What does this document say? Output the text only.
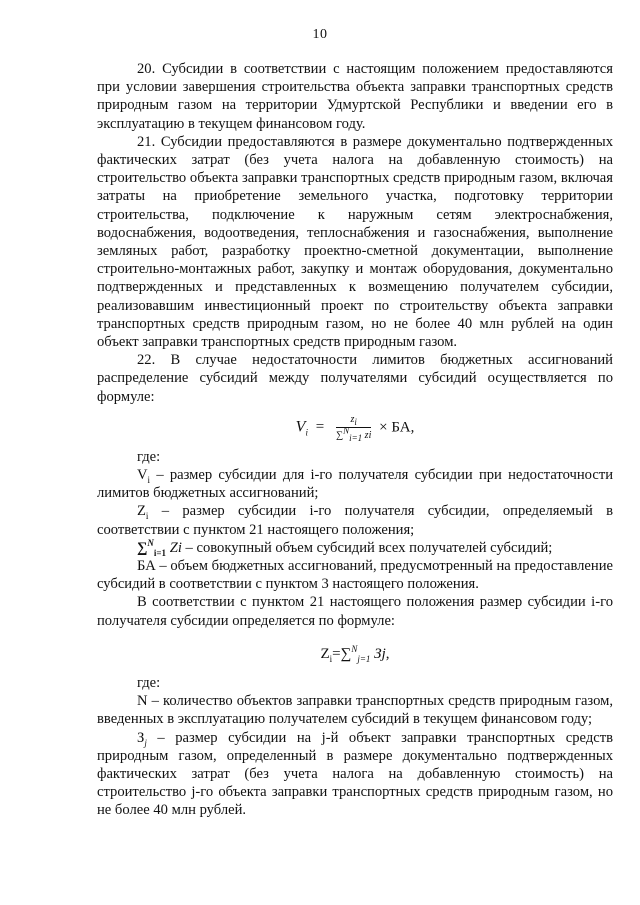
10

20. Субсидии в соответствии с настоящим положением предоставляются при условии завершения строительства объекта заправки транспортных средств природным газом на территории Удмуртской Республики и введении его в эксплуатацию в текущем финансовом году.

21. Субсидии предоставляются в размере документально подтвержденных фактических затрат (без учета налога на добавленную стоимость) на строительство объекта заправки транспортных средств природным газом, включая затраты на приобретение земельного участка, подготовку территории строительства, подключение к наружным сетям электроснабжения, водоснабжения, водоотведения, теплоснабжения и газоснабжения, выполнение земляных работ, разработку проектно-сметной документации, выполнение строительно-монтажных работ, закупку и монтаж оборудования, документально подтвержденных и представленных к возмещению получателем субсидии, реализовавшим инвестиционный проект по строительству объекта заправки транспортных средств природным газом, но не более 40 млн рублей на один объект заправки транспортных средств природным газом.

22. В случае недостаточности лимитов бюджетных ассигнований распределение субсидий между получателями субсидий осуществляется по формуле:

$V_i = \frac{z_i}{\sum^N_{i=1} zi}$ × БА,

где:

$V_i$ – размер субсидии для i-го получателя субсидии при недостаточности лимитов бюджетных ассигнований;

$Z_i$ – размер субсидии i-го получателя субсидии, определяемый в соответствии с пунктом 21 настоящего положения;

∑$^N_{i=1}$ Zi – совокупный объем субсидий всех получателей субсидий;

БА – объем бюджетных ассигнований, предусмотренный на предоставление субсидий в соответствии с пунктом 3 настоящего положения.

В соответствии с пунктом 21 настоящего положения размер субсидии i-го получателя субсидии определяется по формуле:

$Z_i=\sum^N_{j=1}$ Зj,

где:

N – количество объектов заправки транспортных средств природным газом, введенных в эксплуатацию получателем субсидий в текущем финансовом году;

$З_j$ – размер субсидии на j-й объект заправки транспортных средств природным газом, определенный в размере документально подтвержденных фактических затрат (без учета налога на добавленную стоимость) на строительство j-го объекта заправки транспортных средств природным газом, но не более 40 млн рублей.
